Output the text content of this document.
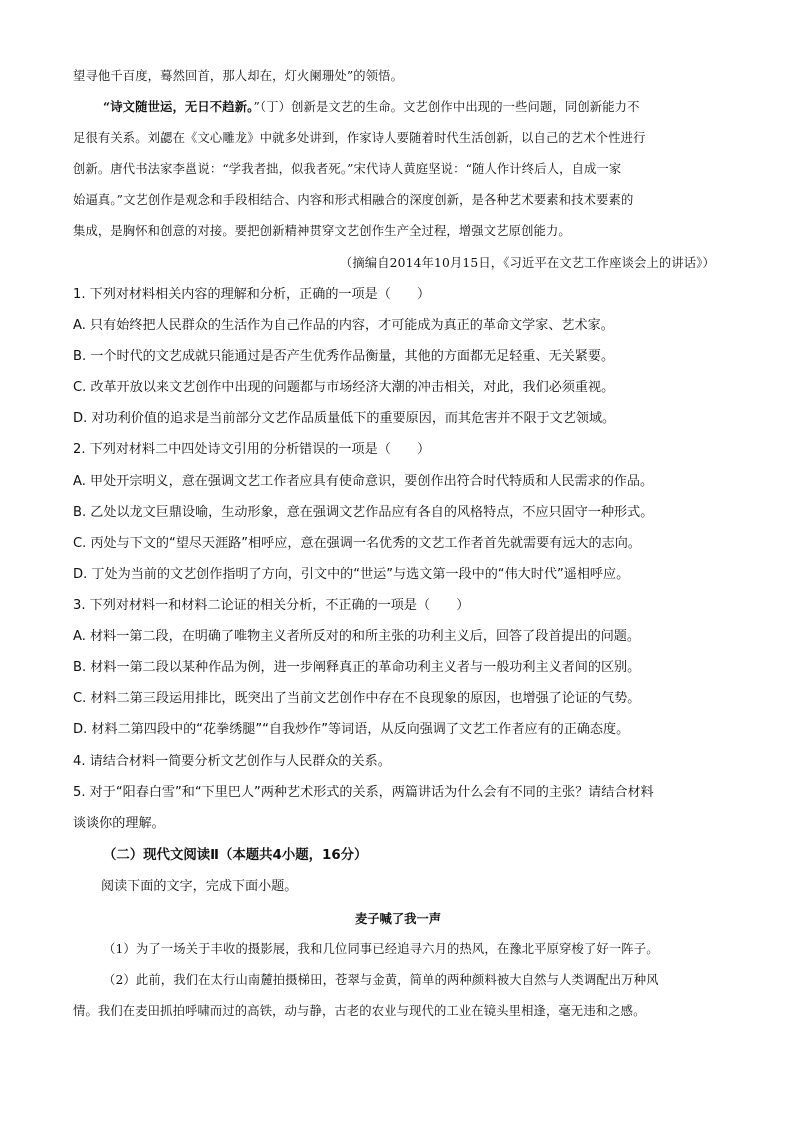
望寻他千百度，蓦然回首，那人却在，灯火阑珊处”的领悟。
“诗文随世运，无日不趋新。”（丁）创新是文艺的生命。文艺创作中出现的一些问题，同创新能力不
足很有关系。刘勰在《文心雕龙》中就多处讲到，作家诗人要随着时代生活创新，以自己的艺术个性进行
创新。唐代书法家李邕说：“学我者拙，似我者死。”宋代诗人黄庭坚说：“随人作计终后人，自成一家
始逼真。”文艺创作是观念和手段相结合、内容和形式相融合的深度创新，是各种艺术要素和技术要素的
集成，是胸怀和创意的对接。要把创新精神贯穿文艺创作生产全过程，增强文艺原创能力。
（摘编自2014年10月15日，《习近平在文艺工作座谈会上的讲话》）
1. 下列对材料相关内容的理解和分析，正确的一项是（　　）
A. 只有始终把人民群众的生活作为自己作品的内容，才可能成为真正的革命文学家、艺术家。
B. 一个时代的文艺成就只能通过是否产生优秀作品衡量，其他的方面都无足轻重、无关紧要。
C. 改革开放以来文艺创作中出现的问题都与市场经济大潮的冲击相关，对此，我们必须重视。
D. 对功利价值的追求是当前部分文艺作品质量低下的重要原因，而其危害并不限于文艺领域。
2. 下列对材料二中四处诗文引用的分析错误的一项是（　　）
A. 甲处开宗明义，意在强调文艺工作者应具有使命意识，要创作出符合时代特质和人民需求的作品。
B. 乙处以龙文巨鼎设喻，生动形象，意在强调文艺作品应有各自的风格特点，不应只固守一种形式。
C. 丙处与下文的“望尽天涯路”相呼应，意在强调一名优秀的文艺工作者首先就需要有远大的志向。
D. 丁处为当前的文艺创作指明了方向，引文中的“世运”与选文第一段中的“伟大时代”遥相呼应。
3. 下列对材料一和材料二论证的相关分析，不正确的一项是（　　）
A. 材料一第二段，在明确了唯物主义者所反对的和所主张的功利主义后，回答了段首提出的问题。
B. 材料一第二段以某种作品为例，进一步阐释真正的革命功利主义者与一般功利主义者间的区别。
C. 材料二第三段运用排比，既突出了当前文艺创作中存在不良现象的原因，也增强了论证的气势。
D. 材料二第四段中的“花拳绣腿”“自我炒作”等词语，从反向强调了文艺工作者应有的正确态度。
4. 请结合材料一简要分析文艺创作与人民群众的关系。
5. 对于“阳春白雪”和“下里巴人”两种艺术形式的关系，两篇讲话为什么会有不同的主张？请结合材料
谈谈你的理解。
（二）现代文阅读Ⅱ（本题共4小题，16分）
阅读下面的文字，完成下面小题。
麦子喊了我一声
（1）为了一场关于丰收的摄影展，我和几位同事已经追寻六月的热风，在豫北平原穿梭了好一阵子。
（2）此前，我们在太行山南麓拍摄梯田，苍翠与金黄，简单的两种颜料被大自然与人类调配出万种风
情。我们在麦田抓拍呼啸而过的高铁，动与静，古老的农业与现代的工业在镜头里相逢，毫无违和之感。
